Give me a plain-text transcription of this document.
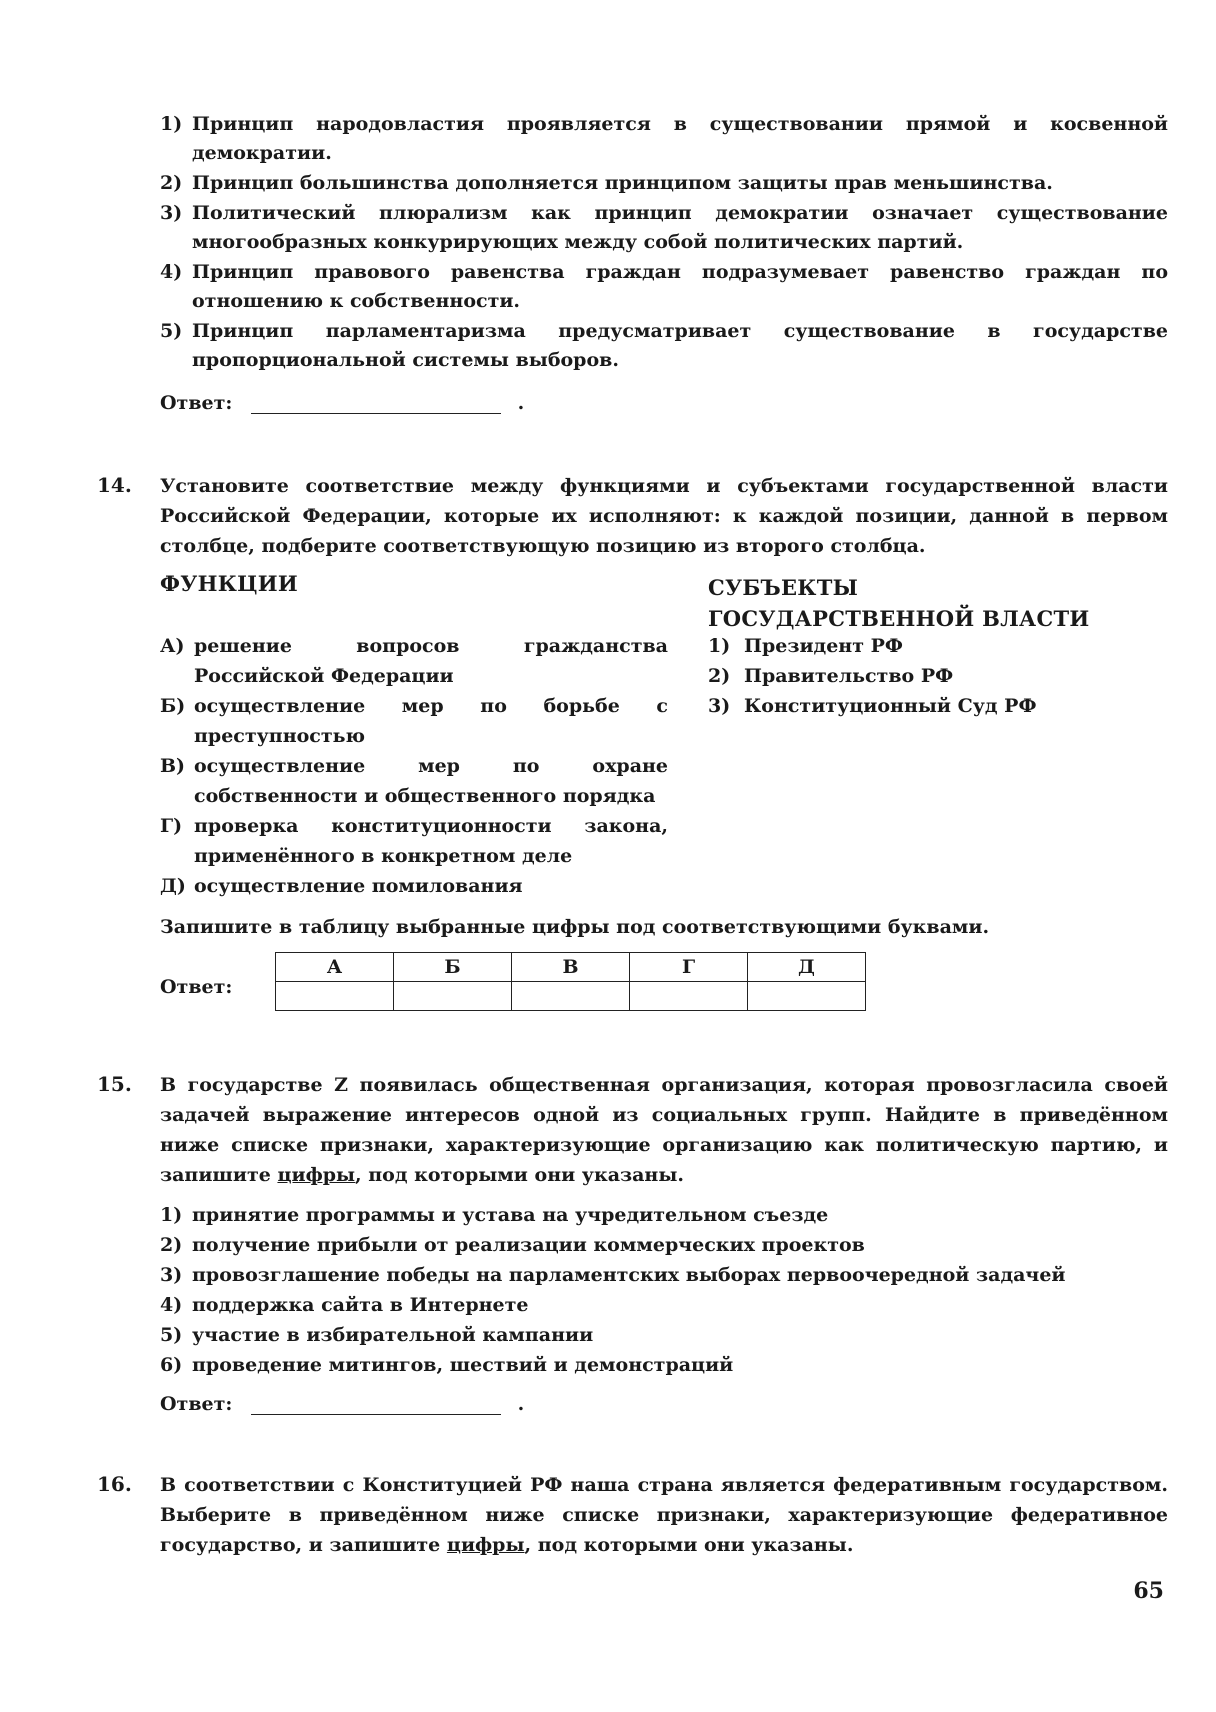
1) Принцип народовластия проявляется в существовании прямой и косвенной демократии.
2) Принцип большинства дополняется принципом защиты прав меньшинства.
3) Политический плюрализм как принцип демократии означает существование многообразных конкурирующих между собой политических партий.
4) Принцип правового равенства граждан подразумевает равенство граждан по отношению к собственности.
5) Принцип парламентаризма предусматривает существование в государстве пропорциональной системы выборов.
Ответ:	.
14. Установите соответствие между функциями и субъектами государственной власти Российской Федерации, которые их исполняют: к каждой позиции, данной в первом столбце, подберите соответствующую позицию из второго столбца.
ФУНКЦИИ	СУБЪЕКТЫ ГОСУДАРСТВЕННОЙ ВЛАСТИ
А) решение вопросов гражданства Российской Федерации
Б) осуществление мер по борьбе с преступностью
В) осуществление мер по охране собственности и общественного порядка
Г) проверка конституционности закона, применённого в конкретном деле
Д) осуществление помилования
1) Президент РФ
2) Правительство РФ
3) Конституционный Суд РФ
Запишите в таблицу выбранные цифры под соответствующими буквами.
Ответ:
А	Б	В	Г	Д

15. В государстве Z появилась общественная организация, которая провозгласила своей задачей выражение интересов одной из социальных групп. Найдите в приведённом ниже списке признаки, характеризующие организацию как политическую партию, и запишите цифры, под которыми они указаны.
1) принятие программы и устава на учредительном съезде
2) получение прибыли от реализации коммерческих проектов
3) провозглашение победы на парламентских выборах первоочередной задачей
4) поддержка сайта в Интернете
5) участие в избирательной кампании
6) проведение митингов, шествий и демонстраций
Ответ:	.
16. В соответствии с Конституцией РФ наша страна является федеративным государством. Выберите в приведённом ниже списке признаки, характеризующие федеративное государство, и запишите цифры, под которыми они указаны.
65
